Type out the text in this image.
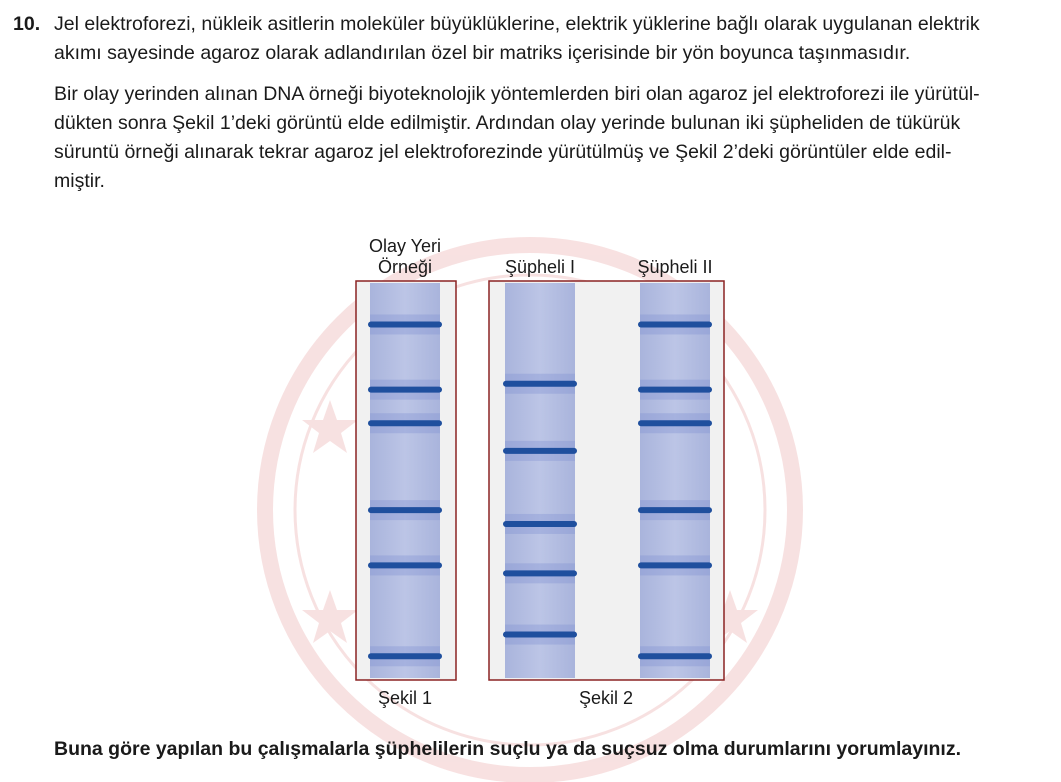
10. Jel elektroforezi, nükleik asitlerin moleküler büyüklüklerine, elektrik yüklerine bağlı olarak uygulanan elektrik
akımı sayesinde agaroz olarak adlandırılan özel bir matriks içerisinde bir yön boyunca taşınmasıdır.
Bir olay yerinden alınan DNA örneği biyoteknolojik yöntemlerden biri olan agaroz jel elektroforezi ile yürütül-
dükten sonra Şekil 1’deki görüntü elde edilmiştir. Ardından olay yerinde bulunan iki şüpheliden de tükürük
süruntü örneği alınarak tekrar agaroz jel elektroforezinde yürütülmüş ve Şekil 2’deki görüntüler elde edil-
miştir.
Olay Yeri
Örneği	Şüpheli I	Şüpheli II
Şekil 1	Şekil 2
Buna göre yapılan bu çalışmalarla şüphelilerin suçlu ya da suçsuz olma durumlarını yorumlayınız.
